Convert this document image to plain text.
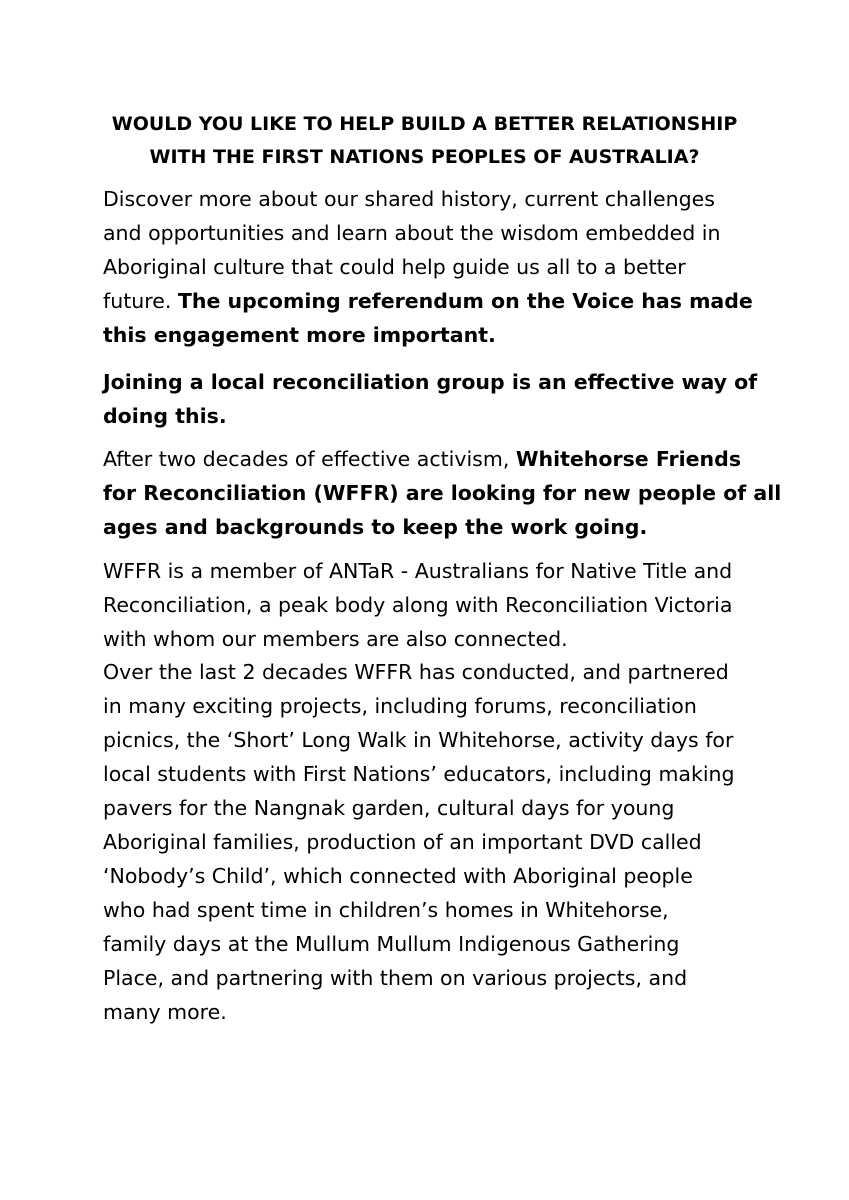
WOULD YOU LIKE TO HELP BUILD A BETTER RELATIONSHIP
WITH THE FIRST NATIONS PEOPLES OF AUSTRALIA?

Discover more about our shared history, current challenges
and opportunities and learn about the wisdom embedded in
Aboriginal culture that could help guide us all to a better
future. The upcoming referendum on the Voice has made
this engagement more important.

Joining a local reconciliation group is an effective way of
doing this.

After two decades of effective activism, Whitehorse Friends
for Reconciliation (WFFR) are looking for new people of all
ages and backgrounds to keep the work going.

WFFR is a member of ANTaR - Australians for Native Title and
Reconciliation, a peak body along with Reconciliation Victoria
with whom our members are also connected.

Over the last 2 decades WFFR has conducted, and partnered
in many exciting projects, including forums, reconciliation
picnics, the ‘Short’ Long Walk in Whitehorse, activity days for
local students with First Nations’ educators, including making
pavers for the Nangnak garden, cultural days for young
Aboriginal families, production of an important DVD called
‘Nobody’s Child’, which connected with Aboriginal people
who had spent time in children’s homes in Whitehorse,
family days at the Mullum Mullum Indigenous Gathering
Place, and partnering with them on various projects, and
many more.
